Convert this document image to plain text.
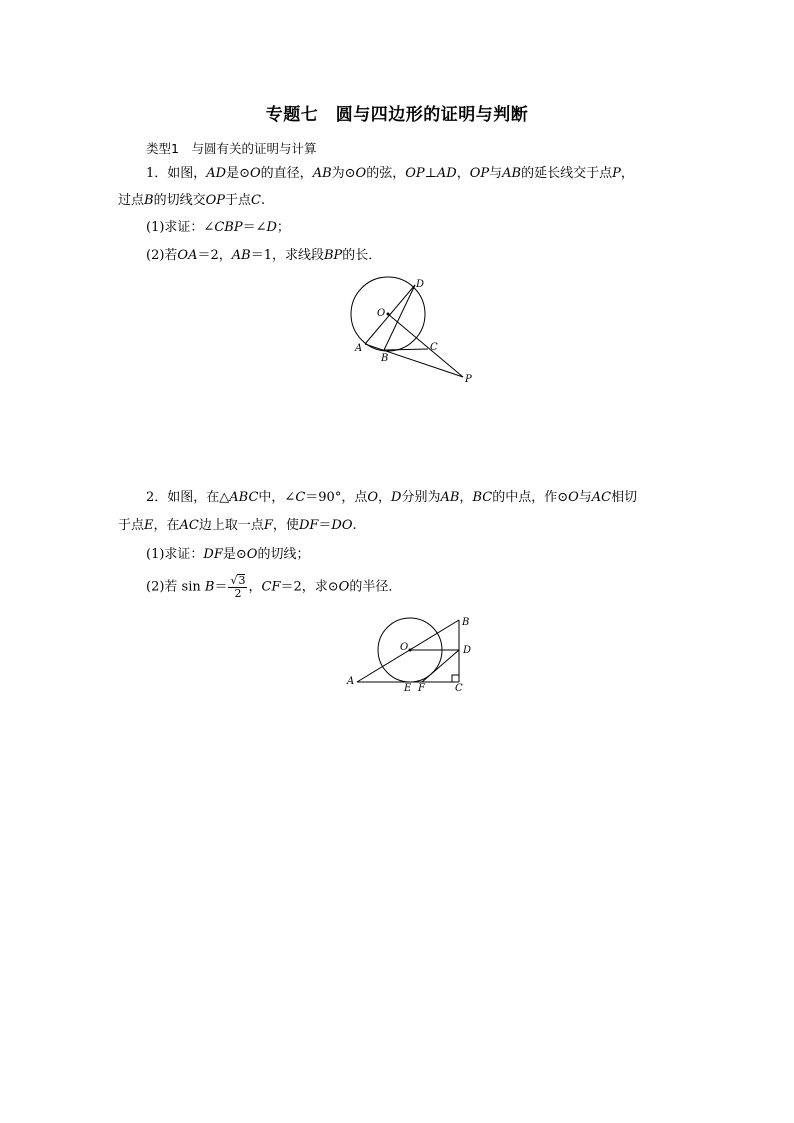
专题七　圆与四边形的证明与判断
类型1　与圆有关的证明与计算
1．如图，AD是⊙O的直径，AB为⊙O的弦，OP⊥AD，OP与AB的延长线交于点P，
过点B的切线交OP于点C.
(1)求证：∠CBP＝∠D；
(2)若OA＝2，AB＝1，求线段BP的长．
D
O
A
B
C
P
2．如图，在△ABC中，∠C＝90°，点O，D分别为AB，BC的中点，作⊙O与AC相切
于点E，在AC边上取一点F，使DF＝DO.
(1)求证：DF是⊙O的切线；
(2)若 $\sin B= \frac{√3}{2}$ ，CF＝2，求⊙O的半径．
B
O	D
A
E F	C
